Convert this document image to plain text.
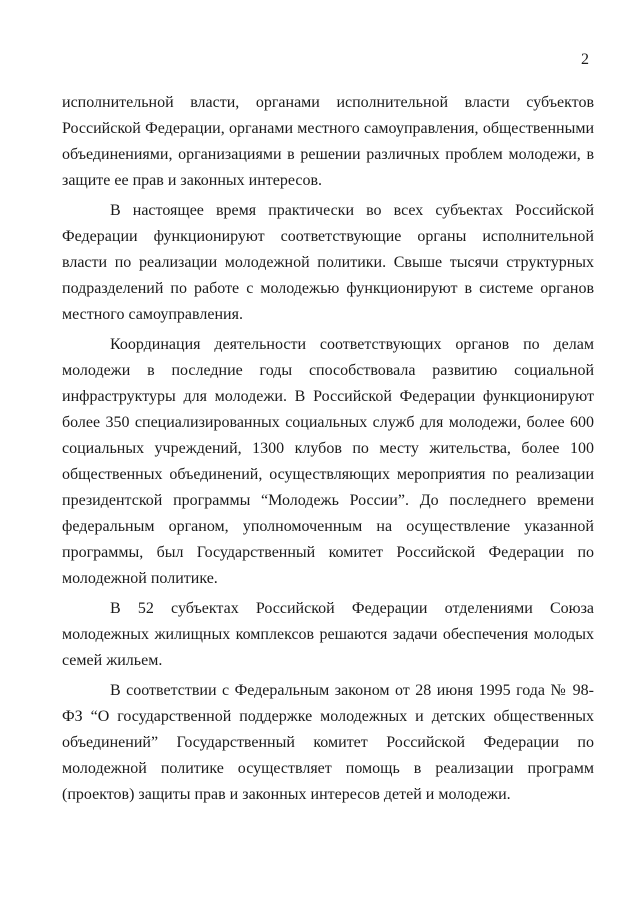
2

исполнительной власти, органами исполнительной власти субъектов Российской Федерации, органами местного самоуправления, общественными объединениями, организациями в решении различных проблем молодежи, в защите ее прав и законных интересов.

В настоящее время практически во всех субъектах Российской Федерации функционируют соответствующие органы исполнительной власти по реализации молодежной политики. Свыше тысячи структурных подразделений по работе с молодежью функционируют в системе органов местного самоуправления.

Координация деятельности соответствующих органов по делам молодежи в последние годы способствовала развитию социальной инфраструктуры для молодежи. В Российской Федерации функционируют более 350 специализированных социальных служб для молодежи, более 600 социальных учреждений, 1300 клубов по месту жительства, более 100 общественных объединений, осуществляющих мероприятия по реализации президентской программы “Молодежь России”. До последнего времени федеральным органом, уполномоченным на осуществление указанной программы, был Государственный комитет Российской Федерации по молодежной политике.

В 52 субъектах Российской Федерации отделениями Союза молодежных жилищных комплексов решаются задачи обеспечения молодых семей жильем.

В соответствии с Федеральным законом от 28 июня 1995 года № 98-ФЗ “О государственной поддержке молодежных и детских общественных объединений” Государственный комитет Российской Федерации по молодежной политике осуществляет помощь в реализации программ (проектов) защиты прав и законных интересов детей и молодежи.
